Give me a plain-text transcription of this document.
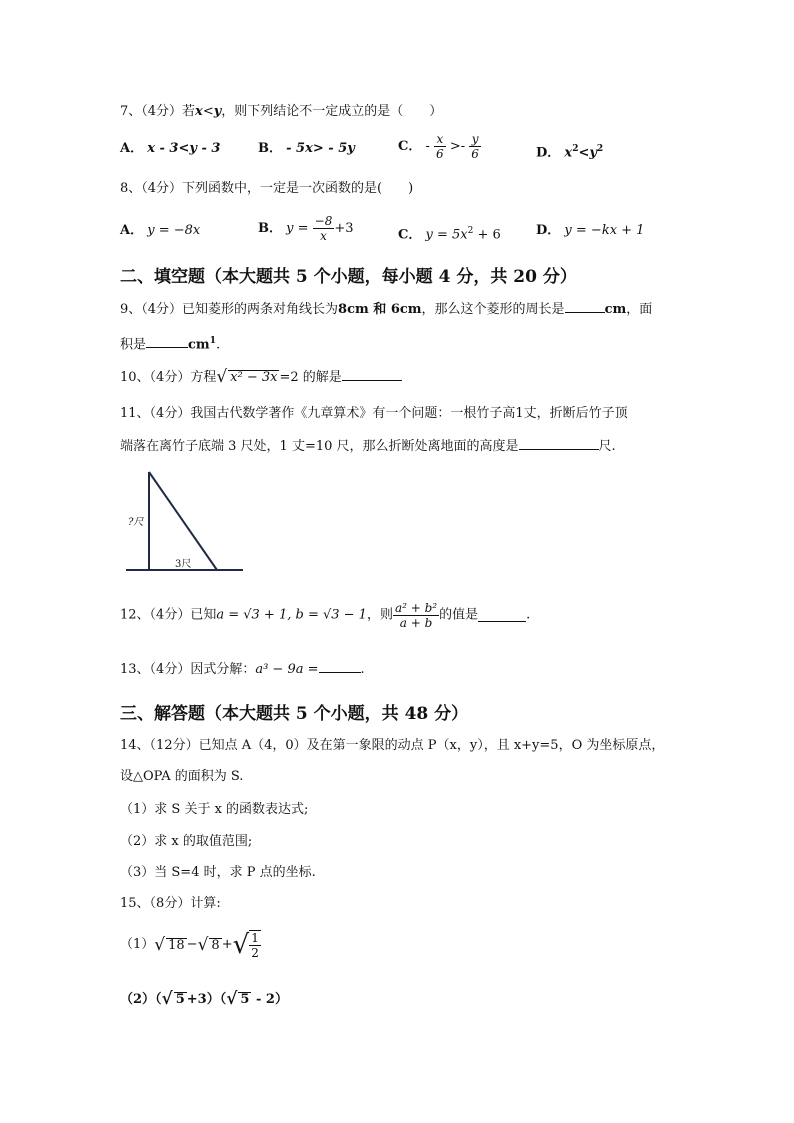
7、（4分）若x<y，则下列结论不一定成立的是（　　）
A． x - 3<y - 3	B． - 5x> - 5y	C． - $\frac{x}{6} >- \frac{y}{6}$	D． $x^2<y^2$
8、（4分）下列函数中，一定是一次函数的是(　　)
A． y = −8x	B． $y = \frac{-8}{x} +3$	C． $y = 5x^2 + 6$	D． y = −kx + 1
二、填空题（本大题共 5 个小题，每小题 4 分，共 20 分）
9、（4分）已知菱形的两条对角线长为8cm 和 6cm，那么这个菱形的周长是	cm，面
积是	$cm^1$.
10、（4分）方程√ x² − 3x =2 的解是
11、（4分）我国古代数学著作《九章算术》有一个问题：一根竹子高1丈，折断后竹子顶
端落在离竹子底端 3 尺处，1 丈=10 尺，那么折断处离地面的高度是	尺.
?尺
3尺
12、（4分）已知a = √3 + 1, b = √3 − 1，则 $\frac{\text{a² + b²}}{a + b}$ 的值是	.
13、（4分）因式分解：a³ − 9a =	.
三、解答题（本大题共 5 个小题，共 48 分）
14、（12分）已知点 A（4，0）及在第一象限的动点 P（x，y），且 x+y=5，O 为坐标原点，
设△OPA 的面积为 S.
（1）求 S 关于 x 的函数表达式;
（2）求 x 的取值范围;
（3）当 S=4 时，求 P 点的坐标.
15、（8分）计算:
（1）√ 18 −√ 8 +√ $\frac{1}{2}$
（2）（√ 5 +3）（√ 5 - 2）
